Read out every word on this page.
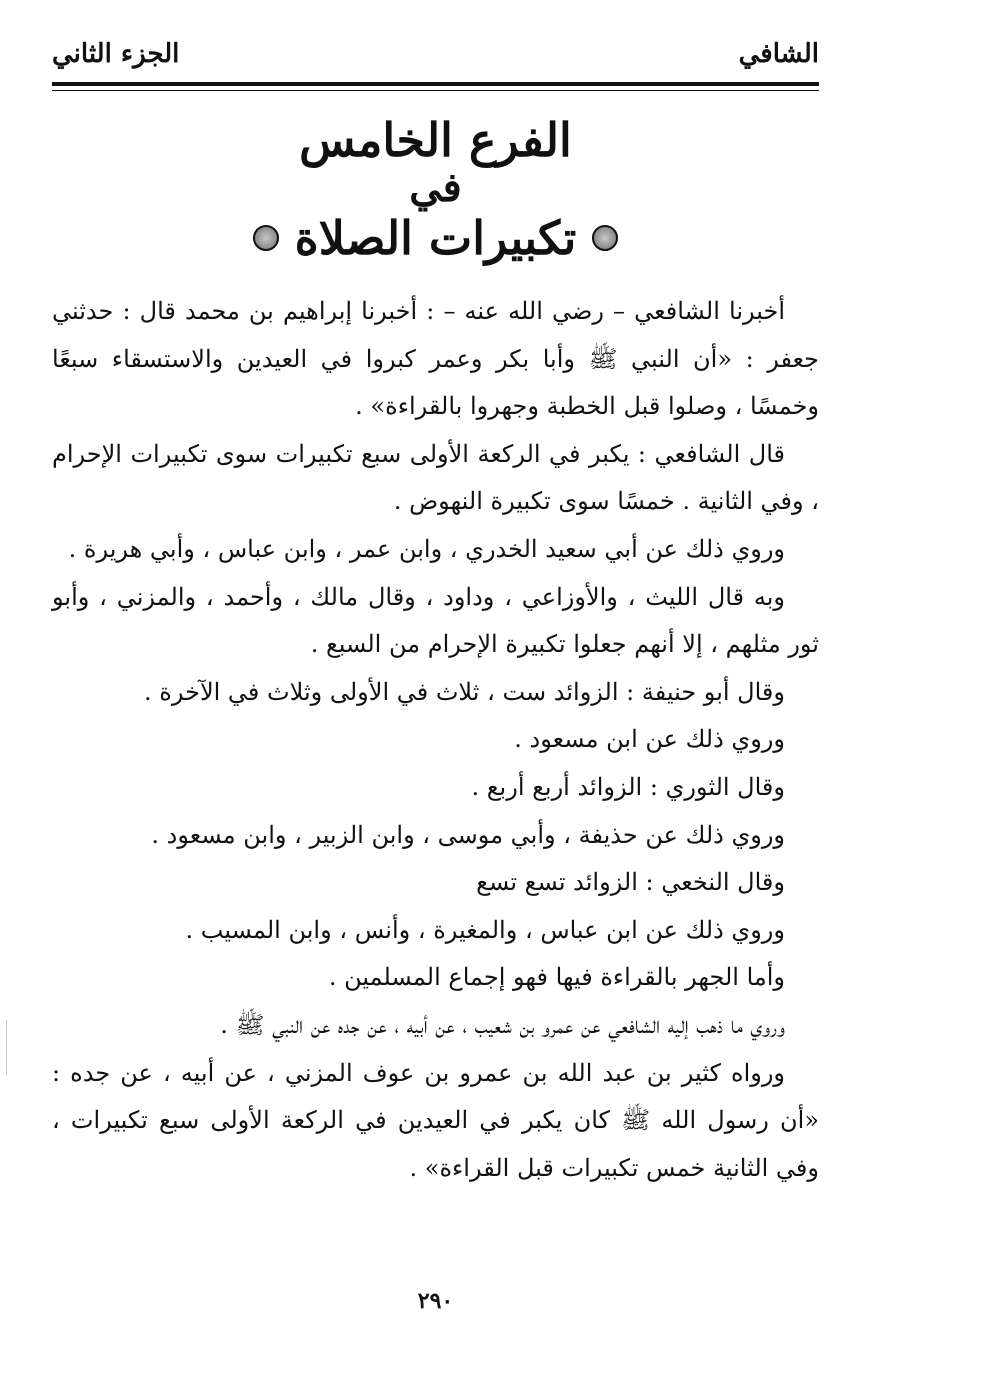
الشافي
الجزء الثاني
الفرع الخامس
في
تكبيرات الصلاة

أخبرنا الشافعي – رضي الله عنه – : أخبرنا إبراهيم بن محمد قال : حدثني جعفر : «أن النبي ﷺ وأبا بكر وعمر كبروا في العيدين والاستسقاء سبعًا وخمسًا ، وصلوا قبل الخطبة وجهروا بالقراءة» .

قال الشافعي : يكبر في الركعة الأولى سبع تكبيرات سوى تكبيرات الإحرام ، وفي الثانية . خمسًا سوى تكبيرة النهوض .

وروي ذلك عن أبي سعيد الخدري ، وابن عمر ، وابن عباس ، وأبي هريرة .

وبه قال الليث ، والأوزاعي ، وداود ، وقال مالك ، وأحمد ، والمزني ، وأبو ثور مثلهم ، إلا أنهم جعلوا تكبيرة الإحرام من السبع .

وقال أبو حنيفة : الزوائد ست ، ثلاث في الأولى وثلاث في الآخرة .

وروي ذلك عن ابن مسعود .

وقال الثوري : الزوائد أربع أربع .

وروي ذلك عن حذيفة ، وأبي موسى ، وابن الزبير ، وابن مسعود .

وقال النخعي : الزوائد تسع تسع

وروي ذلك عن ابن عباس ، والمغيرة ، وأنس ، وابن المسيب .

وأما الجهر بالقراءة فيها فهو إجماع المسلمين .

وروي ما ذهب إليه الشافعي عن عمرو بن شعيب ، عن أبيه ، عن جده عن النبي ﷺ .

ورواه كثير بن عبد الله بن عمرو بن عوف المزني ، عن أبيه ، عن جده : «أن رسول الله ﷺ كان يكبر في العيدين في الركعة الأولى سبع تكبيرات ، وفي الثانية خمس تكبيرات قبل القراءة» .

٢٩٠
